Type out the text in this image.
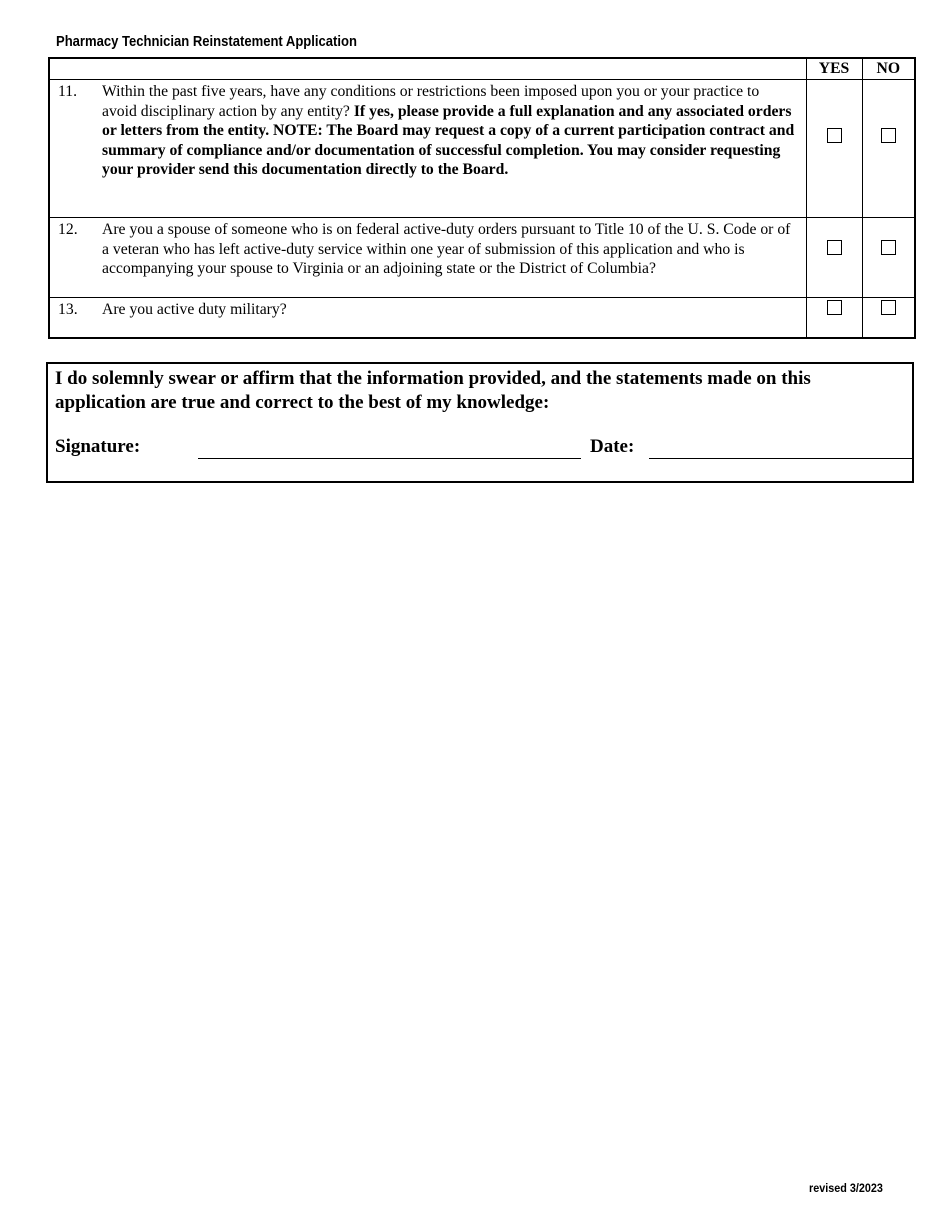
Pharmacy Technician Reinstatement Application
	YES	NO

11. Within the past five years, have any conditions or restrictions been imposed upon you or your practice to avoid disciplinary action by any entity? If yes, please provide a full explanation and any associated orders or letters from the entity. NOTE: The Board may request a copy of a current participation contract and summary of compliance and/or documentation of successful completion. You may consider requesting your provider send this documentation directly to the Board.		

12. Are you a spouse of someone who is on federal active-duty orders pursuant to Title 10 of the U. S. Code or of a veteran who has left active-duty service within one year of submission of this application and who is accompanying your spouse to Virginia or an adjoining state or the District of Columbia?		

13. Are you active duty military?		

I do solemnly swear or affirm that the information provided, and the statements made on this application are true and correct to the best of my knowledge:
Signature:	Date:
revised 3/2023
